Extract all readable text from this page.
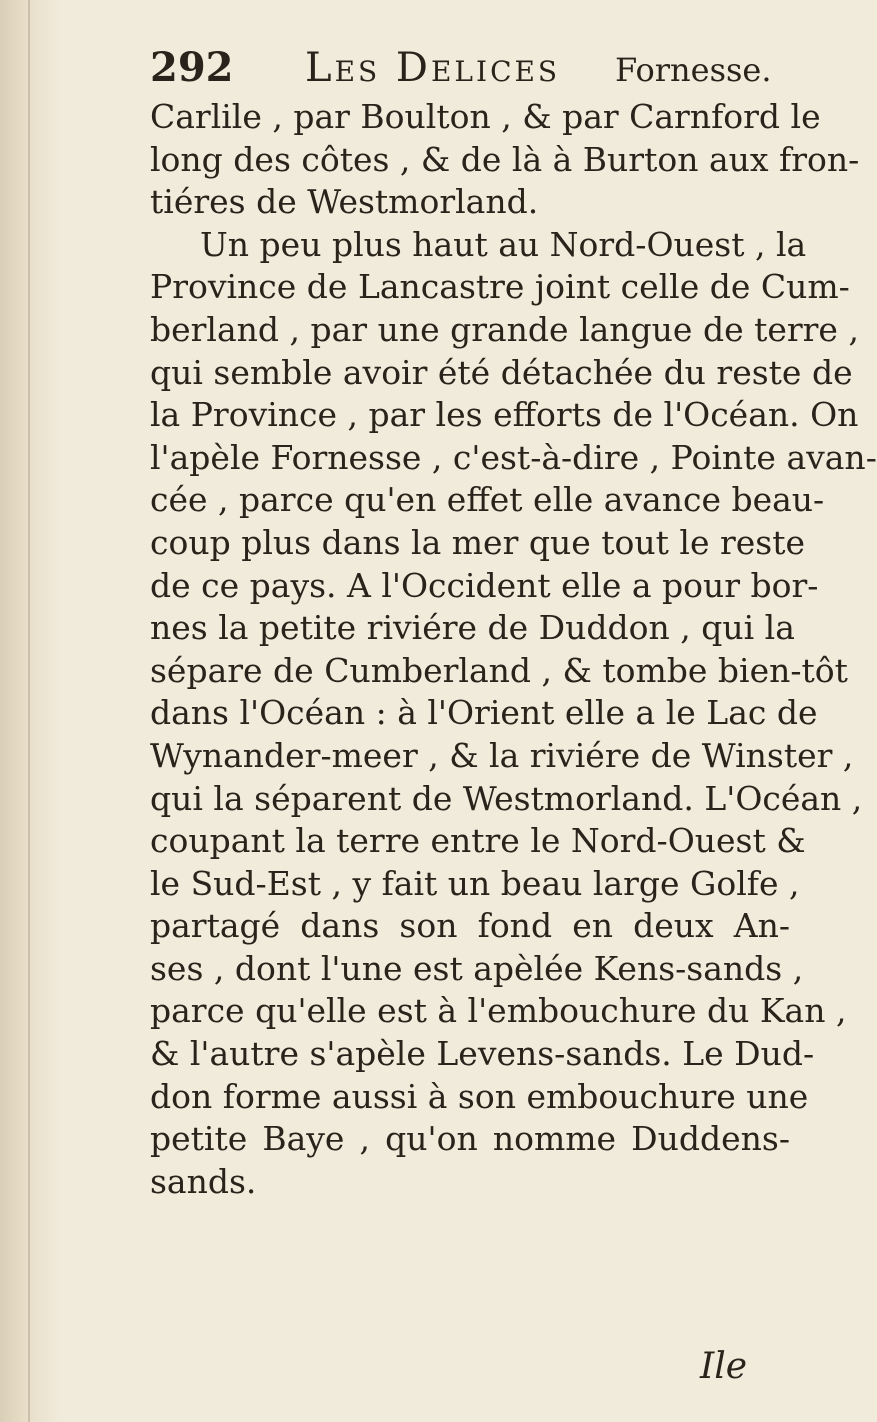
292 Les Delices Fornesse.
Carlile , par Boulton , & par Carnford le
long des côtes , & de là à Burton aux fron-
tiéres de Westmorland.
Un peu plus haut au Nord-Ouest , la
Province de Lancastre joint celle de Cum-
berland , par une grande langue de terre ,
qui semble avoir été détachée du reste de
la Province , par les efforts de l'Océan. On
l'apèle Fornesse , c'est-à-dire , Pointe avan-
cée , parce qu'en effet elle avance beau-
coup plus dans la mer que tout le reste
de ce pays. A l'Occident elle a pour bor-
nes la petite riviére de Duddon , qui la
sépare de Cumberland , & tombe bien-tôt
dans l'Océan : à l'Orient elle a le Lac de
Wynander-meer , & la riviére de Winster ,
qui la séparent de Westmorland. L'Océan ,
coupant la terre entre le Nord-Ouest &
le Sud-Est , y fait un beau large Golfe ,
partagé dans son fond en deux An-
ses , dont l'une est apèlée Kens-sands ,
parce qu'elle est à l'embouchure du Kan ,
& l'autre s'apèle Levens-sands. Le Dud-
don forme aussi à son embouchure une
petite Baye , qu'on nomme Duddens-
sands.
Ile
